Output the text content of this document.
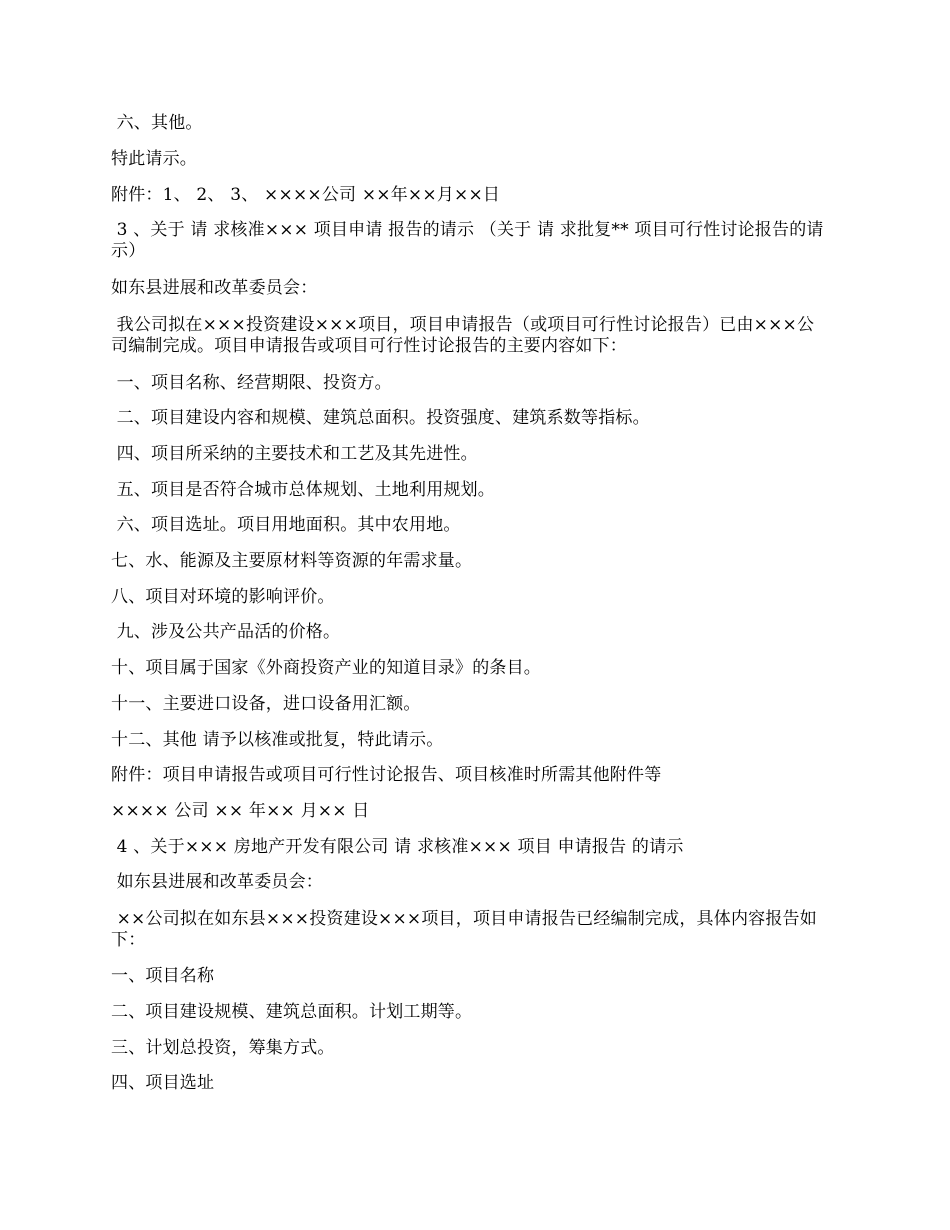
六、其他。
特此请示。
附件：1、 2、 3、 ××××公司 ××年××月××日
3 、关于 请 求核准××× 项目申请 报告的请示 （关于 请 求批复** 项目可行性讨论报告的请示）
如东县进展和改革委员会：
我公司拟在×××投资建设×××项目，项目申请报告（或项目可行性讨论报告）已由×××公司编制完成。项目申请报告或项目可行性讨论报告的主要内容如下：
一、项目名称、经营期限、投资方。
二、项目建设内容和规模、建筑总面积。投资强度、建筑系数等指标。
四、项目所采纳的主要技术和工艺及其先进性。
五、项目是否符合城市总体规划、土地利用规划。
六、项目选址。项目用地面积。其中农用地。
七、水、能源及主要原材料等资源的年需求量。
八、项目对环境的影响评价。
九、涉及公共产品活的价格。
十、项目属于国家《外商投资产业的知道目录》的条目。
十一、主要进口设备，进口设备用汇额。
十二、其他 请予以核准或批复，特此请示。
附件：项目申请报告或项目可行性讨论报告、项目核准时所需其他附件等
×××× 公司 ×× 年×× 月×× 日
4 、关于××× 房地产开发有限公司 请 求核准××× 项目 申请报告 的请示
如东县进展和改革委员会：
××公司拟在如东县×××投资建设×××项目，项目申请报告已经编制完成，具体内容报告如下：
一、项目名称
二、项目建设规模、建筑总面积。计划工期等。
三、计划总投资，筹集方式。
四、项目选址
